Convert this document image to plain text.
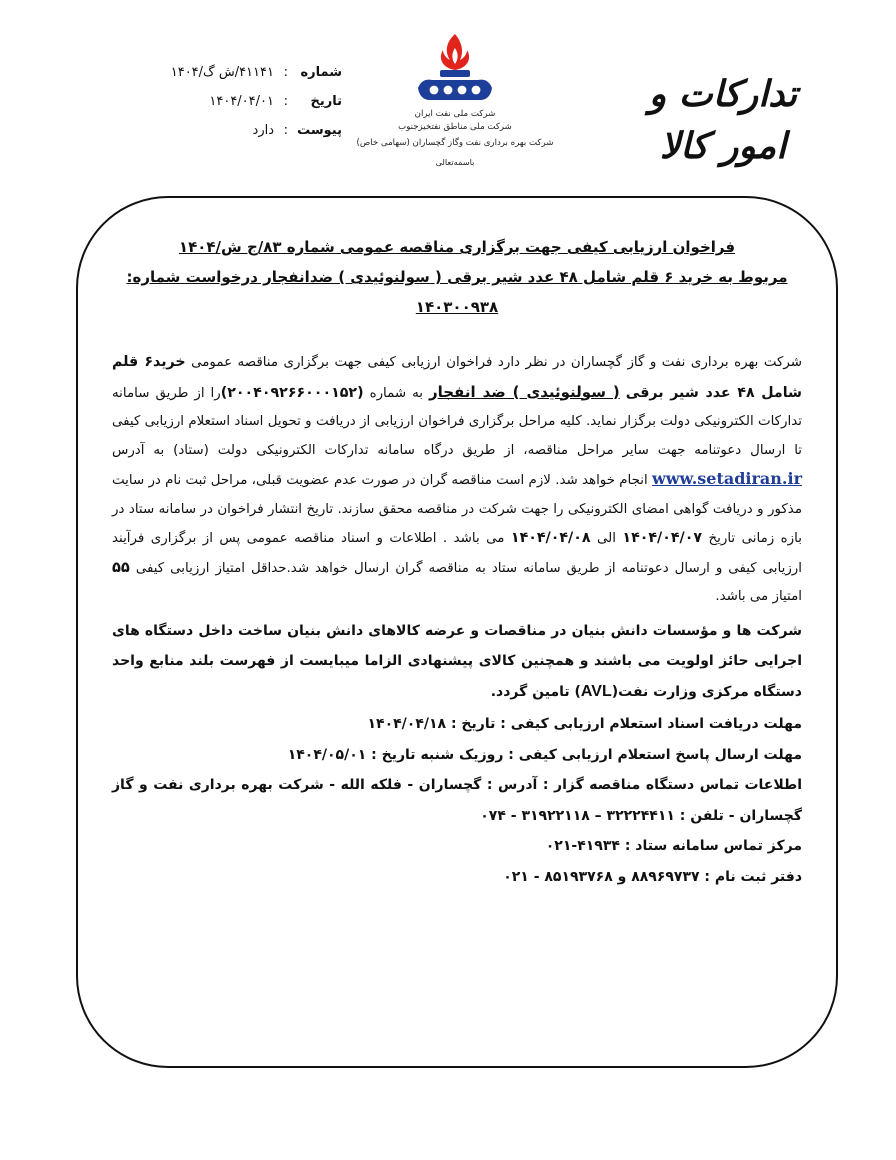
تدارکات و امور کالا
شرکت ملی نفت ایران
شرکت ملی مناطق نفتخیزجنوب
شرکت بهره برداری نفت وگاز گچساران (سهامی خاص)
باسمه‌تعالی
شماره:۴۱۱۴۱/ش گ/۱۴۰۴
تاریخ:۱۴۰۴/۰۴/۰۱
پیوست:دارد
فراخوان ارزیابی کیفی جهت برگزاری مناقصه عمومی شماره ۸۳/ج ش/۱۴۰۴
مربوط به خرید ۶ قلم شامل ۴۸ عدد شیر برقی ( سولنوئیدی ) ضدانفجار درخواست شماره:
۱۴۰۳۰۰۹۳۸

شرکت بهره برداری نفت و گاز گچساران در نظر دارد فراخوان ارزیابی کیفی جهت برگزاری مناقصه عمومی خرید۶ قلم شامل ۴۸ عدد شیر برقی ( سولنوئیدی ) ضد انفجار به شماره (۲۰۰۴۰۹۲۶۶۰۰۰۱۵۲)را از طریق سامانه تدارکات الکترونیکی دولت برگزار نماید. کلیه مراحل برگزاری فراخوان ارزیابی از دریافت و تحویل اسناد استعلام ارزیابی کیفی تا ارسال دعوتنامه جهت سایر مراحل مناقصه، از طریق درگاه سامانه تدارکات الکترونیکی دولت (ستاد) به آدرس www.setadiran.ir انجام خواهد شد. لازم است مناقصه گران در صورت عدم عضویت قبلی، مراحل ثبت نام در سایت مذکور و دریافت گواهی امضای الکترونیکی را جهت شرکت در مناقصه محقق سازند. تاریخ انتشار فراخوان در سامانه ستاد در بازه زمانی تاریخ ۱۴۰۴/۰۴/۰۷ الی ۱۴۰۴/۰۴/۰۸ می باشد . اطلاعات و اسناد مناقصه عمومی پس از برگزاری فرآیند ارزیابی کیفی و ارسال دعوتنامه از طریق سامانه ستاد به مناقصه گران ارسال خواهد شد.حداقل امتیاز ارزیابی کیفی ۵۵ امتیاز می باشد.

شرکت ها و مؤسسات دانش بنیان در مناقصات و عرضه کالاهای دانش بنیان ساخت داخل دستگاه های اجرایی حائز اولویت می باشند و همچنین کالای پیشنهادی الزاما میبایست از فهرست بلند منابع واحد دستگاه مرکزی وزارت نفت(AVL) تامین گردد.

مهلت دریافت اسناد استعلام ارزیابی کیفی : تاریخ : ۱۴۰۴/۰۴/۱۸
مهلت ارسال پاسخ استعلام ارزیابی کیفی : روزیک شنبه تاریخ : ۱۴۰۴/۰۵/۰۱
اطلاعات تماس دستگاه مناقصه گزار : آدرس : گچساران - فلکه الله - شرکت بهره برداری نفت و گاز گچساران - تلفن : ۳۲۲۲۴۴۱۱ – ۳۱۹۲۲۱۱۸ - ۰۷۴
مرکز تماس سامانه ستاد : ۴۱۹۳۴-۰۲۱
دفتر ثبت نام : ۸۸۹۶۹۷۳۷ و ۸۵۱۹۳۷۶۸ - ۰۲۱
